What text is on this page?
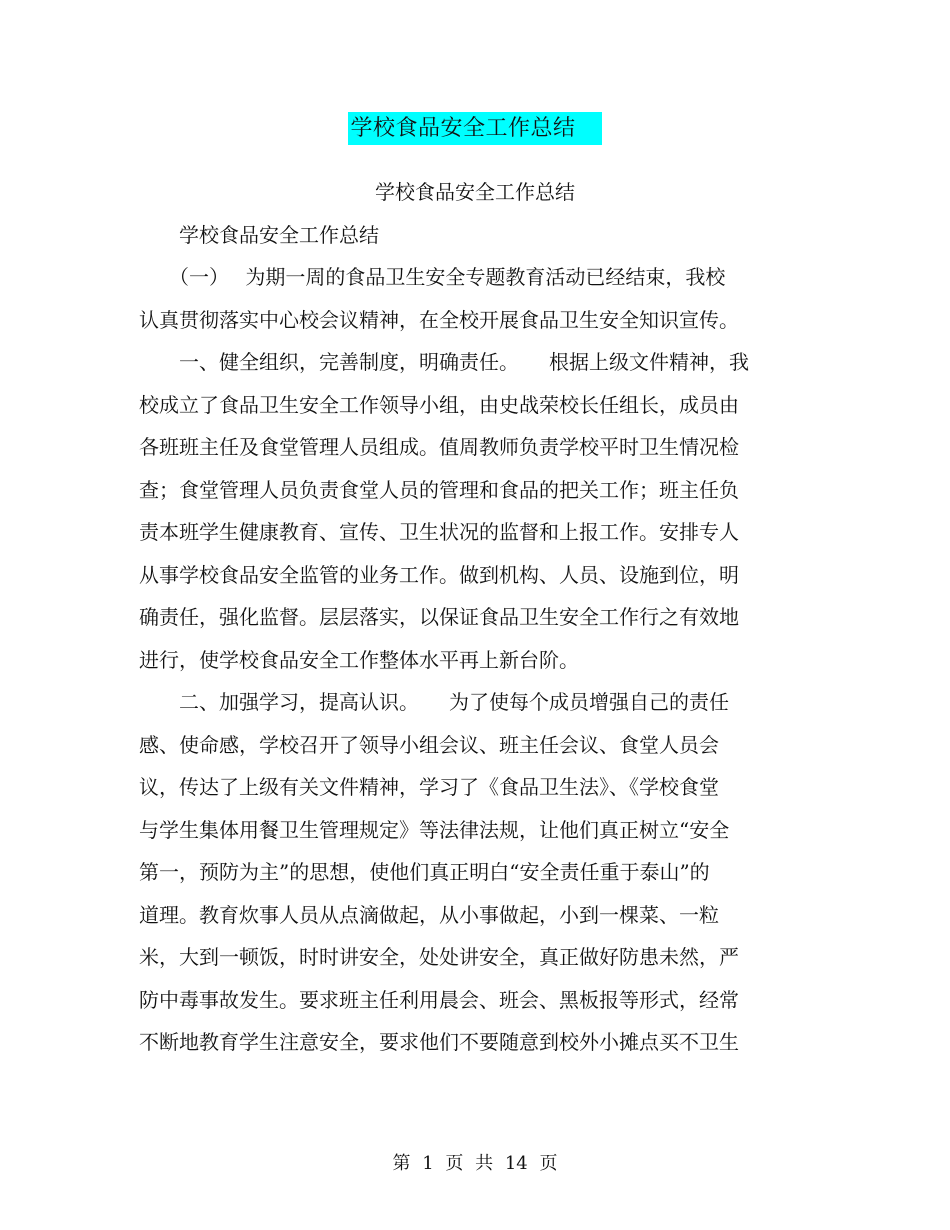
学校食品安全工作总结
学校食品安全工作总结
　　学校食品安全工作总结
　　（一）　 为期一周的食品卫生安全专题教育活动已经结束，我校
认真贯彻落实中心校会议精神，在全校开展食品卫生安全知识宣传。
　　一、健全组织，完善制度，明确责任。　　根据上级文件精神，我
校成立了食品卫生安全工作领导小组，由史战荣校长任组长，成员由
各班班主任及食堂管理人员组成。值周教师负责学校平时卫生情况检
查；食堂管理人员负责食堂人员的管理和食品的把关工作；班主任负
责本班学生健康教育、宣传、卫生状况的监督和上报工作。安排专人
从事学校食品安全监管的业务工作。做到机构、人员、设施到位，明
确责任，强化监督。层层落实，以保证食品卫生安全工作行之有效地
进行，使学校食品安全工作整体水平再上新台阶。
　　二、加强学习，提高认识。　　为了使每个成员增强自己的责任
感、使命感，学校召开了领导小组会议、班主任会议、食堂人员会
议，传达了上级有关文件精神，学习了《食品卫生法》、《学校食堂
与学生集体用餐卫生管理规定》等法律法规，让他们真正树立“安全
第一，预防为主”的思想，使他们真正明白“安全责任重于泰山”的
道理。教育炊事人员从点滴做起，从小事做起，小到一棵菜、一粒
米，大到一顿饭，时时讲安全，处处讲安全，真正做好防患未然，严
防中毒事故发生。要求班主任利用晨会、班会、黑板报等形式，经常
不断地教育学生注意安全，要求他们不要随意到校外小摊点买不卫生
第 1 页 共 14 页
